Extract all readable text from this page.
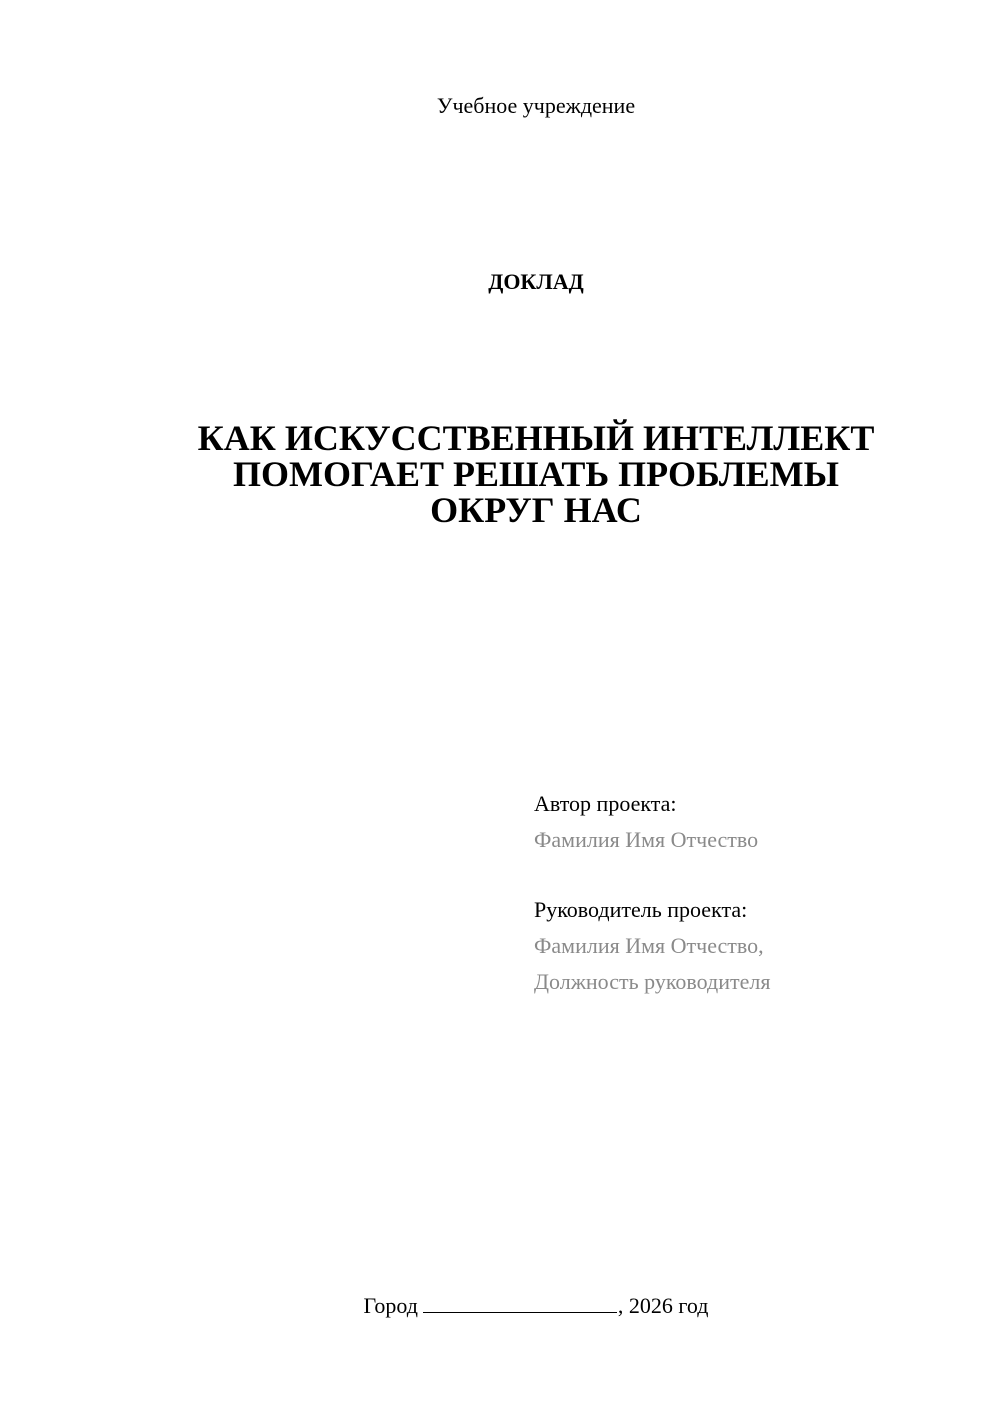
Учебное учреждение
ДОКЛАД
КАК ИСКУССТВЕННЫЙ ИНТЕЛЛЕКТ
ПОМОГАЕТ РЕШАТЬ ПРОБЛЕМЫ
ОКРУГ НАС
Автор проекта:
Фамилия Имя Отчество
Руководитель проекта:
Фамилия Имя Отчество,
Должность руководителя
Город	, 2026 год
